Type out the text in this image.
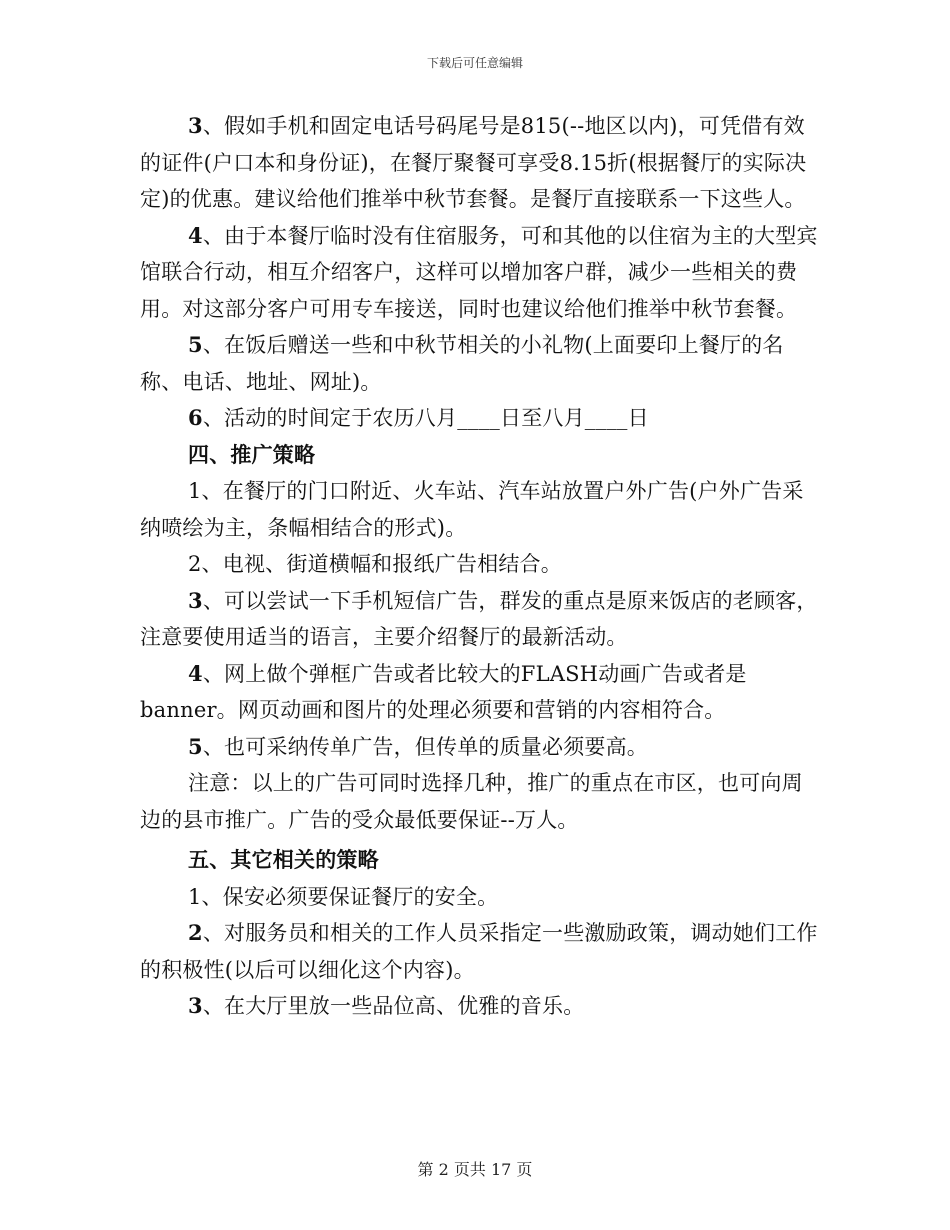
下载后可任意编辑

3、假如手机和固定电话号码尾号是815(--地区以内)，可凭借有效的证件(户口本和身份证)，在餐厅聚餐可享受8.15折(根据餐厅的实际决定)的优惠。建议给他们推举中秋节套餐。是餐厅直接联系一下这些人。

4、由于本餐厅临时没有住宿服务，可和其他的以住宿为主的大型宾馆联合行动，相互介绍客户，这样可以增加客户群，减少一些相关的费用。对这部分客户可用专车接送，同时也建议给他们推举中秋节套餐。

5、在饭后赠送一些和中秋节相关的小礼物(上面要印上餐厅的名称、电话、地址、网址)。

6、活动的时间定于农历八月____日至八月____日

四、推广策略

1、在餐厅的门口附近、火车站、汽车站放置户外广告(户外广告采纳喷绘为主，条幅相结合的形式)。

2、电视、街道横幅和报纸广告相结合。

3、可以尝试一下手机短信广告，群发的重点是原来饭店的老顾客，注意要使用适当的语言，主要介绍餐厅的最新活动。

4、网上做个弹框广告或者比较大的FLASH动画广告或者是banner。网页动画和图片的处理必须要和营销的内容相符合。

5、也可采纳传单广告，但传单的质量必须要高。

注意：以上的广告可同时选择几种，推广的重点在市区，也可向周边的县市推广。广告的受众最低要保证--万人。

五、其它相关的策略

1、保安必须要保证餐厅的安全。

2、对服务员和相关的工作人员采指定一些激励政策，调动她们工作的积极性(以后可以细化这个内容)。

3、在大厅里放一些品位高、优雅的音乐。

第 2 页共 17 页
